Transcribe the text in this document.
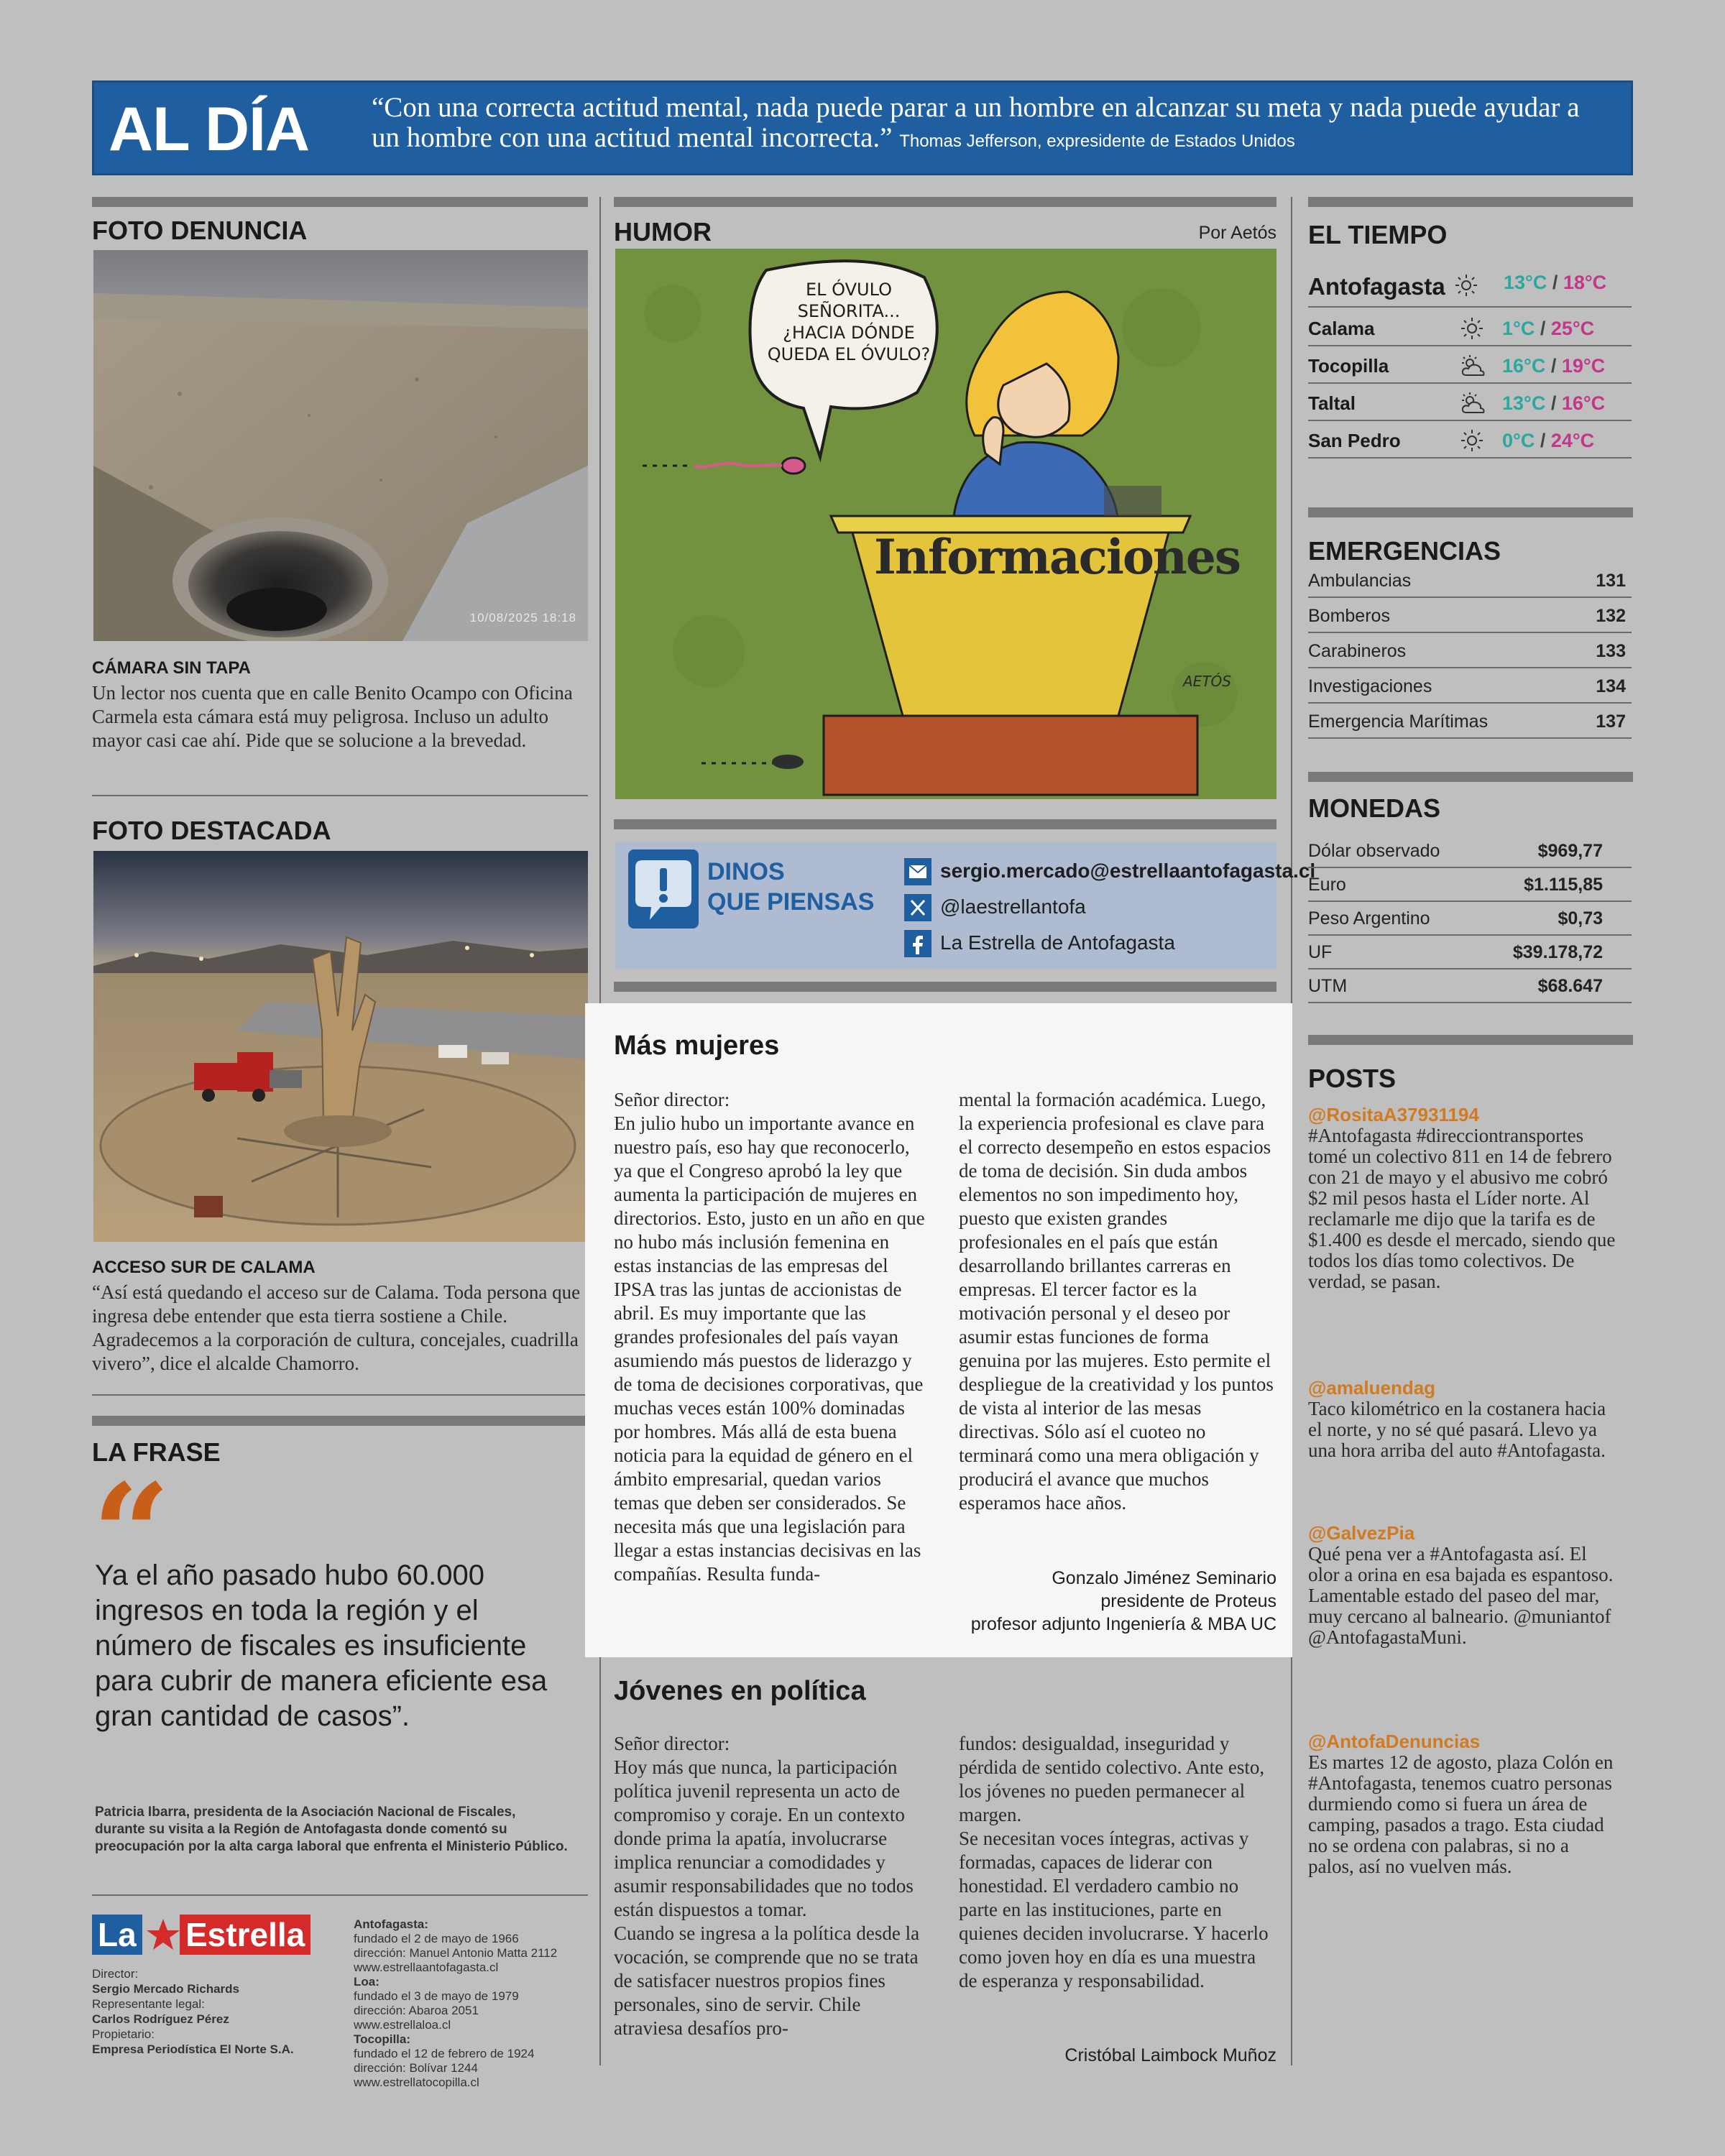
AL DÍA “Con una correcta actitud mental, nada puede parar a un hombre en alcanzar su meta y nada puede ayudar a un hombre con una actitud mental incorrecta.” Thomas Jefferson, expresidente de Estados Unidos
FOTO DENUNCIA
10/08/2025 18:18
CÁMARA SIN TAPA
Un lector nos cuenta que en calle Benito Ocampo con Oficina Carmela esta cámara está muy peligrosa. Incluso un adulto mayor casi cae ahí. Pide que se solucione a la brevedad.
FOTO DESTACADA
ACCESO SUR DE CALAMA
“Así está quedando el acceso sur de Calama. Toda persona que ingresa debe entender que esta tierra sostiene a Chile. Agradecemos a la corporación de cultura, concejales, cuadrilla vivero”, dice el alcalde Chamorro.
LA FRASE
“
Ya el año pasado hubo 60.000 ingresos en toda la región y el número de fiscales es insuficiente para cubrir de manera eficiente esa gran cantidad de casos”.
Patricia Ibarra, presidenta de la Asociación Nacional de Fiscales, durante su visita a la Región de Antofagasta donde comentó su preocupación por la alta carga laboral que enfrenta el Ministerio Público.
La Estrella
Director:
Sergio Mercado Richards
Representante legal:
Carlos Rodríguez Pérez
Propietario:
Empresa Periodística El Norte S.A.
Antofagasta:
fundado el 2 de mayo de 1966
dirección: Manuel Antonio Matta 2112
www.estrellaantofagasta.cl
Loa:
fundado el 3 de mayo de 1979
dirección: Abaroa 2051
www.estrellaloa.cl
Tocopilla:
fundado el 12 de febrero de 1924
dirección: Bolívar 1244
www.estrellatocopilla.cl
HUMOR	Por Aetós
EL ÓVULO SEÑORITA... ¿HACIA DÓNDE QUEDA EL ÓVULO?
Informaciones
AETÓS
DINOS
QUE PIENSAS
sergio.mercado@estrellaantofagasta.cl
@laestrellantofa
La Estrella de Antofagasta
Más mujeres
Señor director:
En julio hubo un importante avance en nuestro país, eso hay que reconocerlo, ya que el Congreso aprobó la ley que aumenta la participación de mujeres en directorios. Esto, justo en un año en que no hubo más inclusión femenina en estas instancias de las empresas del IPSA tras las juntas de accionistas de abril. Es muy importante que las grandes profesionales del país vayan asumiendo más puestos de liderazgo y de toma de decisiones corporativas, que muchas veces están 100% dominadas por hombres. Más allá de esta buena noticia para la equidad de género en el ámbito empresarial, quedan varios temas que deben ser considerados. Se necesita más que una legislación para llegar a estas instancias decisivas en las compañías. Resulta funda-
mental la formación académica. Luego, la experiencia profesional es clave para el correcto desempeño en estos espacios de toma de decisión. Sin duda ambos elementos no son impedimento hoy, puesto que existen grandes profesionales en el país que están desarrollando brillantes carreras en empresas. El tercer factor es la motivación personal y el deseo por asumir estas funciones de forma genuina por las mujeres. Esto permite el despliegue de la creatividad y los puntos de vista al interior de las mesas directivas. Sólo así el cuoteo no terminará como una mera obligación y producirá el avance que muchos esperamos hace años.
Gonzalo Jiménez Seminario
presidente de Proteus
profesor adjunto Ingeniería & MBA UC
Jóvenes en política
Señor director:
Hoy más que nunca, la participación política juvenil representa un acto de compromiso y coraje. En un contexto donde prima la apatía, involucrarse implica renunciar a comodidades y asumir responsabilidades que no todos están dispuestos a tomar.
Cuando se ingresa a la política desde la vocación, se comprende que no se trata de satisfacer nuestros propios fines personales, sino de servir. Chile atraviesa desafíos pro-
fundos: desigualdad, inseguridad y pérdida de sentido colectivo. Ante esto, los jóvenes no pueden permanecer al margen.
Se necesitan voces íntegras, activas y formadas, capaces de liderar con honestidad. El verdadero cambio no parte en las instituciones, parte en quienes deciden involucrarse. Y hacerlo como joven hoy en día es una muestra de esperanza y responsabilidad.
Cristóbal Laimbock Muñoz
EL TIEMPO
Antofagasta	13°C / 18°C
Calama	1°C / 25°C
Tocopilla	16°C / 19°C
Taltal	13°C / 16°C
San Pedro	0°C / 24°C
EMERGENCIAS
Ambulancias	131
Bomberos	132
Carabineros	133
Investigaciones	134
Emergencia Marítimas	137
MONEDAS
Dólar observado	$969,77
Euro	$1.115,85
Peso Argentino	$0,73
UF	$39.178,72
UTM	$68.647
POSTS
@RositaA37931194
#Antofagasta #direcciontransportes tomé un colectivo 811 en 14 de febrero con 21 de mayo y el abusivo me cobró $2 mil pesos hasta el Líder norte. Al reclamarle me dijo que la tarifa es de $1.400 es desde el mercado, siendo que todos los días tomo colectivos. De verdad, se pasan.
@amaluendag
Taco kilométrico en la costanera hacia el norte, y no sé qué pasará. Llevo ya una hora arriba del auto #Antofagasta.
@GalvezPia
Qué pena ver a #Antofagasta así. El olor a orina en esa bajada es espantoso. Lamentable estado del paseo del mar, muy cercano al balneario. @muniantof @AntofagastaMuni.
@AntofaDenuncias
Es martes 12 de agosto, plaza Colón en #Antofagasta, tenemos cuatro personas durmiendo como si fuera un área de camping, pasados a trago. Esta ciudad no se ordena con palabras, si no a palos, así no vuelven más.
